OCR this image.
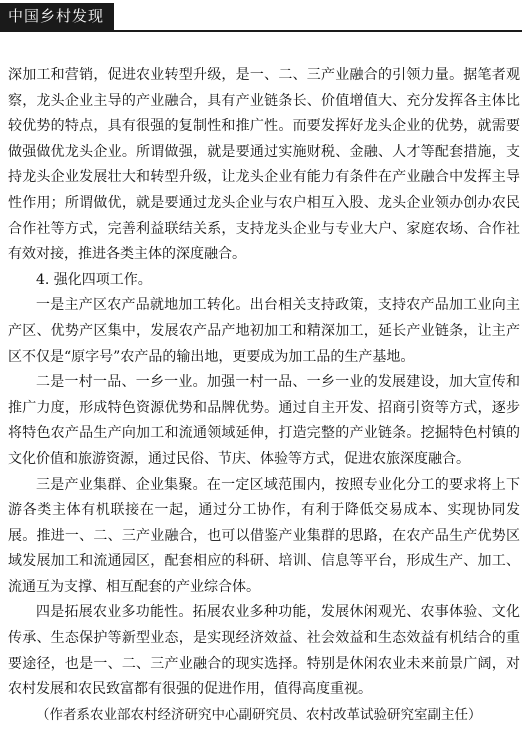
中国乡村发现

深加工和营销，促进农业转型升级，是一、二、三产业融合的引领力量。据笔者观察，龙头企业主导的产业融合，具有产业链条长、价值增值大、充分发挥各主体比较优势的特点，具有很强的复制性和推广性。而要发挥好龙头企业的优势，就需要做强做优龙头企业。所谓做强，就是要通过实施财税、金融、人才等配套措施，支持龙头企业发展壮大和转型升级，让龙头企业有能力有条件在产业融合中发挥主导性作用；所谓做优，就是要通过龙头企业与农户相互入股、龙头企业领办创办农民合作社等方式，完善利益联结关系，支持龙头企业与专业大户、家庭农场、合作社有效对接，推进各类主体的深度融合。

4. 强化四项工作。

一是主产区农产品就地加工转化。出台相关支持政策，支持农产品加工业向主产区、优势产区集中，发展农产品产地初加工和精深加工，延长产业链条，让主产区不仅是“原字号”农产品的输出地，更要成为加工品的生产基地。

二是一村一品、一乡一业。加强一村一品、一乡一业的发展建设，加大宣传和推广力度，形成特色资源优势和品牌优势。通过自主开发、招商引资等方式，逐步将特色农产品生产向加工和流通领域延伸，打造完整的产业链条。挖掘特色村镇的文化价值和旅游资源，通过民俗、节庆、体验等方式，促进农旅深度融合。

三是产业集群、企业集聚。在一定区域范围内，按照专业化分工的要求将上下游各类主体有机联接在一起，通过分工协作，有利于降低交易成本、实现协同发展。推进一、二、三产业融合，也可以借鉴产业集群的思路，在农产品生产优势区域发展加工和流通园区，配套相应的科研、培训、信息等平台，形成生产、加工、流通互为支撑、相互配套的产业综合体。

四是拓展农业多功能性。拓展农业多种功能，发展休闲观光、农事体验、文化传承、生态保护等新型业态，是实现经济效益、社会效益和生态效益有机结合的重要途径，也是一、二、三产业融合的现实选择。特别是休闲农业未来前景广阔，对农村发展和农民致富都有很强的促进作用，值得高度重视。

（作者系农业部农村经济研究中心副研究员、农村改革试验研究室副主任）
